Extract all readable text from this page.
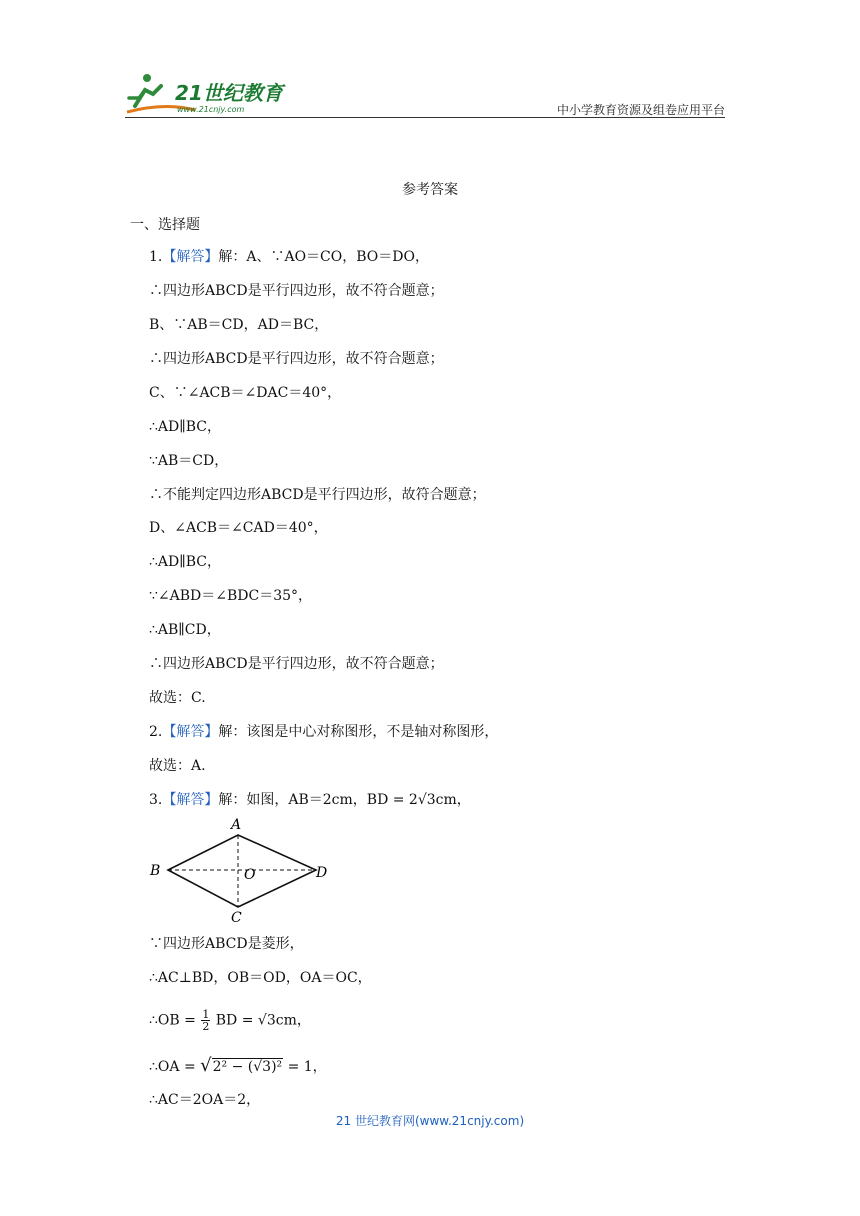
21世纪教育
www.21cnjy.com	中小学教育资源及组卷应用平台
参考答案
一、选择题
1.【解答】解：A、∵AO＝CO，BO＝DO，
∴四边形ABCD是平行四边形，故不符合题意；
B、∵AB＝CD，AD＝BC，
∴四边形ABCD是平行四边形，故不符合题意；
C、∵∠ACB＝∠DAC＝40°，
∴AD∥BC，
∵AB＝CD，
∴不能判定四边形ABCD是平行四边形，故符合题意；
D、∠ACB＝∠CAD＝40°，
∴AD∥BC，
∵∠ABD＝∠BDC＝35°，
∴AB∥CD，
∴四边形ABCD是平行四边形，故不符合题意；
故选：C.
2.【解答】解：该图是中心对称图形，不是轴对称图形，
故选：A.
3.【解答】解：如图，AB＝2cm，BD = 2√3cm，
A
B	O	D
C
∵四边形ABCD是菱形，
∴AC⊥BD，OB＝OD，OA＝OC，
∴OB = $\frac{1}{2}$ BD = √3cm，
∴OA = √2² − (√3)² = 1，
∴AC＝2OA＝2，
21 世纪教育网(www.21cnjy.com)
